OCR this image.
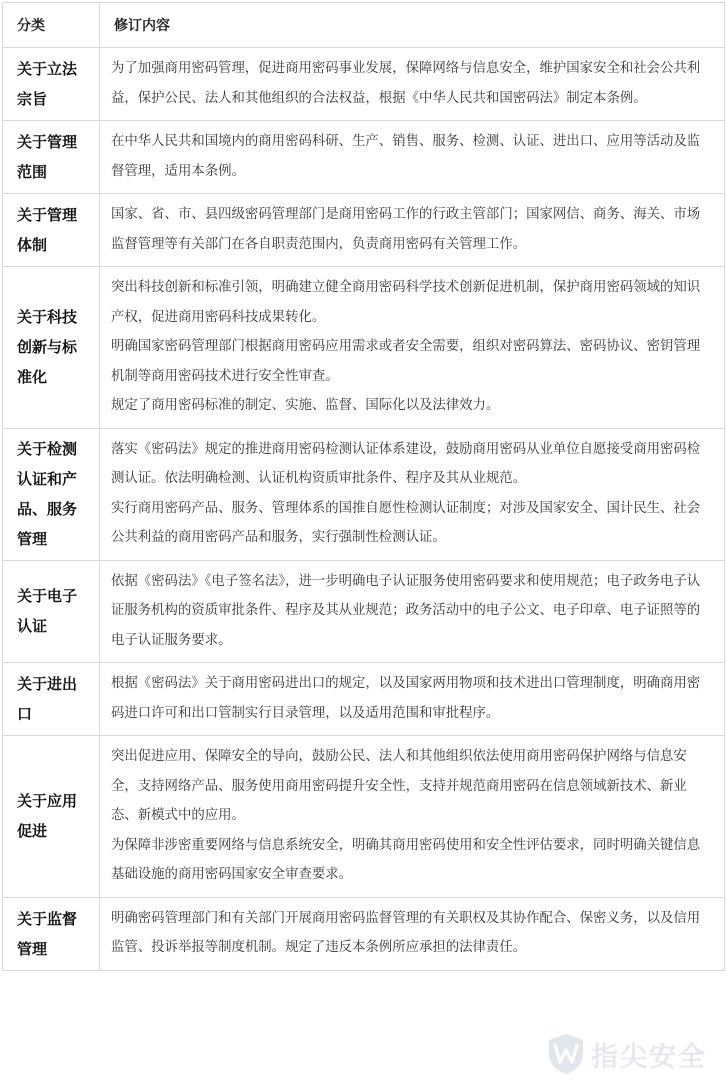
分类	修订内容

关于立法
宗旨	为了加强商用密码管理，促进商用密码事业发展，保障网络与信息安全，维护国家安全和社会公共利益，保护公民、法人和其他组织的合法权益，根据《中华人民共和国密码法》制定本条例。

关于管理
范围	在中华人民共和国境内的商用密码科研、生产、销售、服务、检测、认证、进出口、应用等活动及监督管理，适用本条例。

关于管理
体制	国家、省、市、县四级密码管理部门是商用密码工作的行政主管部门；国家网信、商务、海关、市场监督管理等有关部门在各自职责范围内，负责商用密码有关管理工作。

关于科技
创新与标
准化	突出科技创新和标准引领，明确建立健全商用密码科学技术创新促进机制，保护商用密码领域的知识产权，促进商用密码科技成果转化。
明确国家密码管理部门根据商用密码应用需求或者安全需要，组织对密码算法、密码协议、密钥管理机制等商用密码技术进行安全性审查。
规定了商用密码标准的制定、实施、监督、国际化以及法律效力。

关于检测
认证和产
品、服务
管理	落实《密码法》规定的推进商用密码检测认证体系建设，鼓励商用密码从业单位自愿接受商用密码检测认证。依法明确检测、认证机构资质审批条件、程序及其从业规范。
实行商用密码产品、服务、管理体系的国推自愿性检测认证制度；对涉及国家安全、国计民生、社会公共利益的商用密码产品和服务，实行强制性检测认证。

关于电子
认证	依据《密码法》《电子签名法》，进一步明确电子认证服务使用密码要求和使用规范；电子政务电子认证服务机构的资质审批条件、程序及其从业规范；政务活动中的电子公文、电子印章、电子证照等的电子认证服务要求。

关于进出
口	根据《密码法》关于商用密码进出口的规定，以及国家两用物项和技术进出口管理制度，明确商用密码进口许可和出口管制实行目录管理，以及适用范围和审批程序。

关于应用
促进	突出促进应用、保障安全的导向，鼓励公民、法人和其他组织依法使用商用密码保护网络与信息安全，支持网络产品、服务使用商用密码提升安全性，支持并规范商用密码在信息领域新技术、新业态、新模式中的应用。
为保障非涉密重要网络与信息系统安全，明确其商用密码使用和安全性评估要求，同时明确关键信息基础设施的商用密码国家安全审查要求。

关于监督
管理	明确密码管理部门和有关部门开展商用密码监督管理的有关职权及其协作配合、保密义务，以及信用监管、投诉举报等制度机制。规定了违反本条例所应承担的法律责任。
指尖安全
